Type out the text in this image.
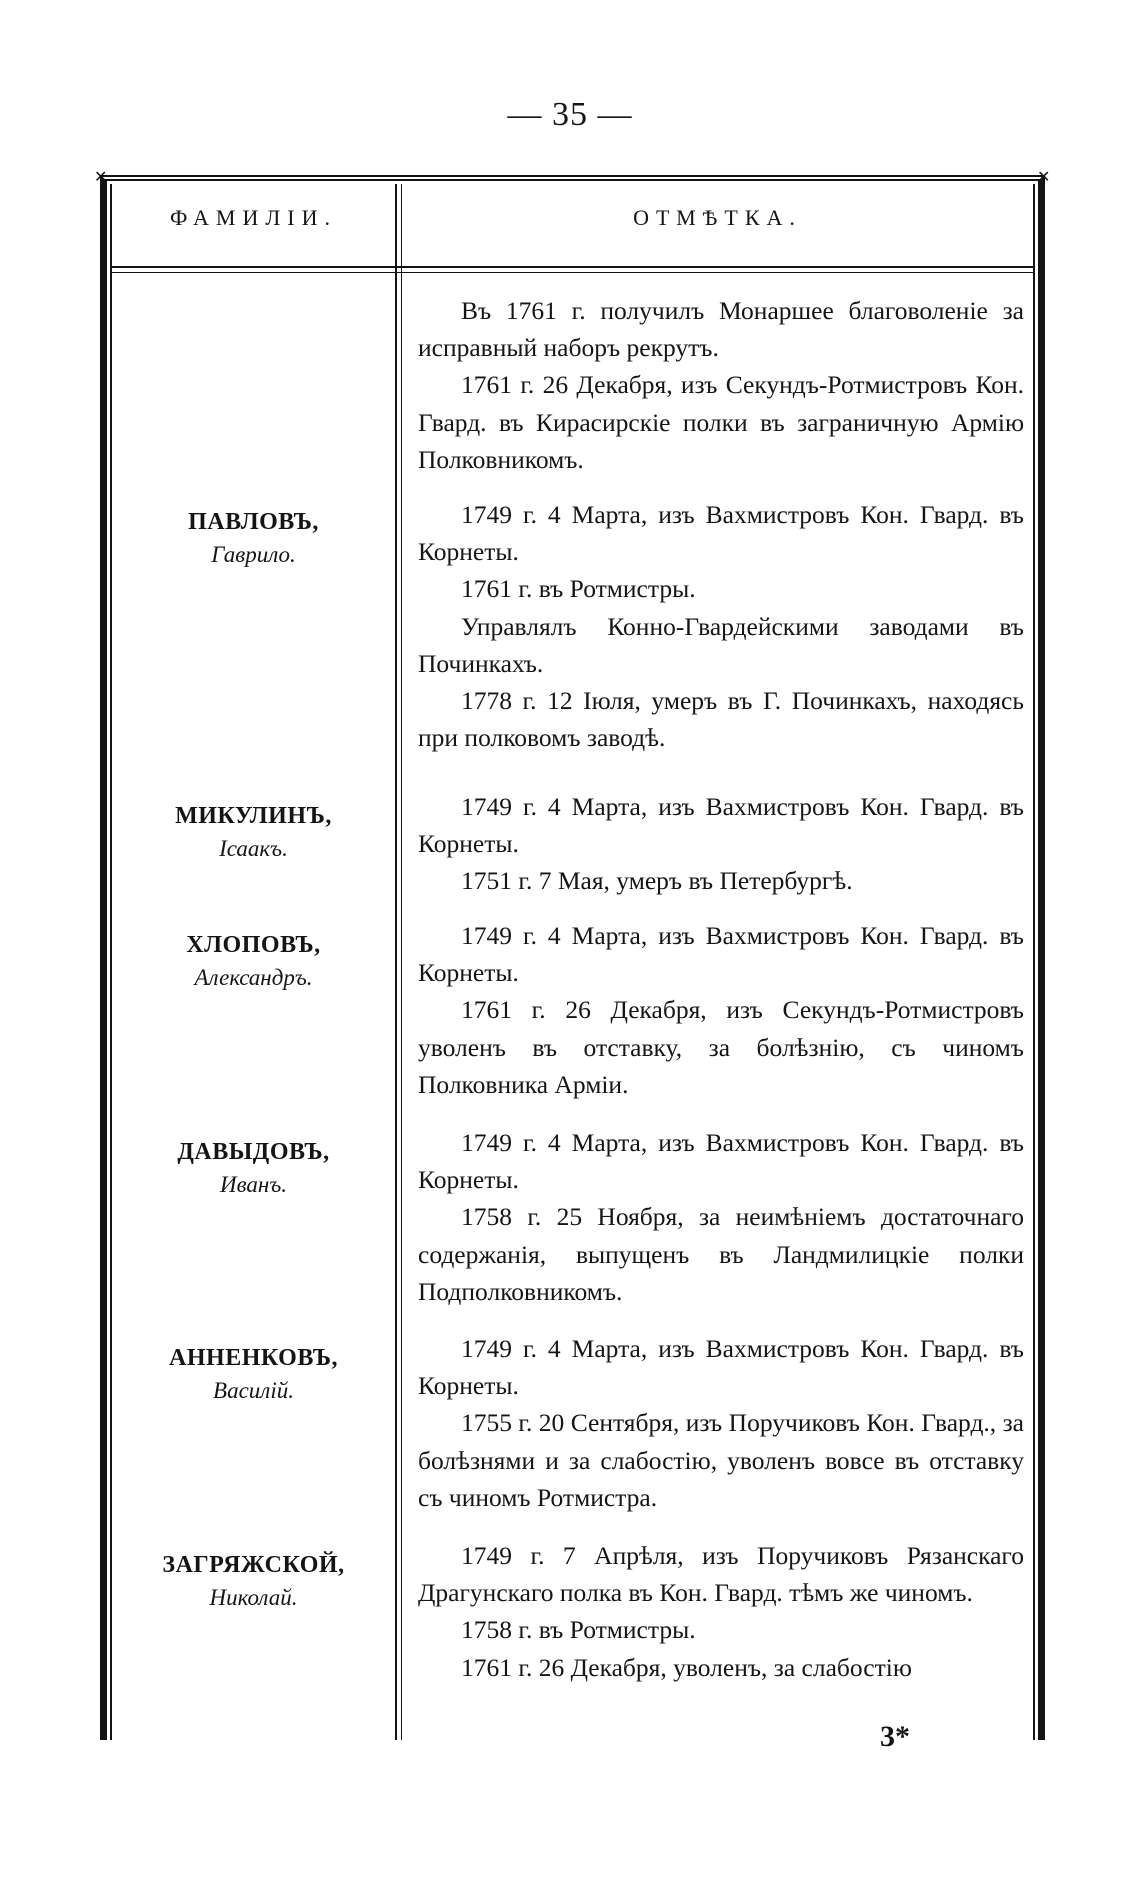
— 35 —
✕	✕
ФАМИЛІИ.	ОТМѢТКА.

Въ 1761 г. получилъ Монаршее благоволеніе за исправный наборъ рекрутъ.

1761 г. 26 Декабря, изъ Секундъ-Ротмистровъ Кон. Гвард. въ Кирасирскіе полки въ заграничную Армію Полковникомъ.

ПАВЛОВЪ,
Гаврило.

1749 г. 4 Марта, изъ Вахмистровъ Кон. Гвард. въ Корнеты.

1761 г. въ Ротмистры.

Управлялъ Конно-Гвардейскими заводами въ Починкахъ.

1778 г. 12 Іюля, умеръ въ Г. Починкахъ, находясь при полковомъ заводѣ.

МИКУЛИНЪ,
Ісаакъ.

1749 г. 4 Марта, изъ Вахмистровъ Кон. Гвард. въ Корнеты.

1751 г. 7 Мая, умеръ въ Петербургѣ.

ХЛОПОВЪ,
Александръ.

1749 г. 4 Марта, изъ Вахмистровъ Кон. Гвард. въ Корнеты.

1761 г. 26 Декабря, изъ Секундъ-Ротмистровъ уволенъ въ отставку, за болѣзнію, съ чиномъ Полковника Арміи.

ДАВЫДОВЪ,
Иванъ.

1749 г. 4 Марта, изъ Вахмистровъ Кон. Гвард. въ Корнеты.

1758 г. 25 Ноября, за неимѣніемъ достаточнаго содержанія, выпущенъ въ Ландмилицкіе полки Подполковникомъ.

АННЕНКОВЪ,
Василій.

1749 г. 4 Марта, изъ Вахмистровъ Кон. Гвард. въ Корнеты.

1755 г. 20 Сентября, изъ Поручиковъ Кон. Гвард., за болѣзнями и за слабостію, уволенъ вовсе въ отставку съ чиномъ Ротмистра.

ЗАГРЯЖСКОЙ,
Николай.

1749 г. 7 Апрѣля, изъ Поручиковъ Рязанскаго Драгунскаго полка въ Кон. Гвард. тѣмъ же чиномъ.

1758 г. въ Ротмистры.

1761 г. 26 Декабря, уволенъ, за слабостію

3*
